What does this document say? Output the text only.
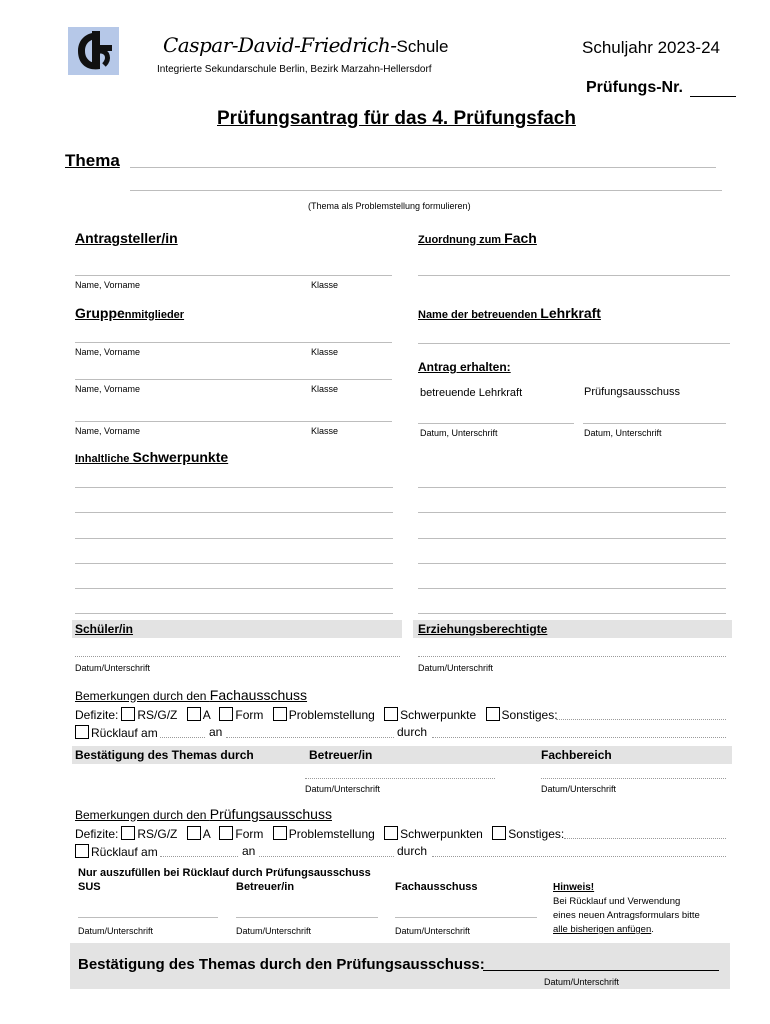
Caspar-David-Friedrich-Schule
Integrierte Sekundarschule Berlin, Bezirk Marzahn-Hellersdorf
Schuljahr 2023-24
Prüfungs-Nr.
Prüfungsantrag für das 4. Prüfungsfach
Thema
(Thema als Problemstellung formulieren)
Antragsteller/in
Name, Vorname	Klasse
Zuordnung zum Fach
Gruppenmitglieder
Name, Vorname	Klasse
Name, Vorname	Klasse
Name, Vorname	Klasse
Name der betreuenden Lehrkraft
Antrag erhalten:
betreuende Lehrkraft	Prüfungsausschuss
Datum, Unterschrift	Datum, Unterschrift
Inhaltliche Schwerpunkte
Schüler/in	Erziehungsberechtigte
Datum/Unterschrift	Datum/Unterschrift
Bemerkungen durch den Fachausschuss
Defizite: RS/G/Z A Form Problemstellung Schwerpunkte Sonstiges:
Rücklauf am	an	durch
Bestätigung des Themas durch	Betreuer/in	Fachbereich
Datum/Unterschrift	Datum/Unterschrift
Bemerkungen durch den Prüfungsausschuss
Defizite: RS/G/Z A Form Problemstellung Schwerpunkten Sonstiges:
Rücklauf am	an	durch
Nur auszufüllen bei Rücklauf durch Prüfungsausschuss
SUS	Betreuer/in	Fachausschuss
Datum/Unterschrift	Datum/Unterschrift	Datum/Unterschrift
Hinweis!
Bei Rücklauf und Verwendung
eines neuen Antragsformulars bitte
alle bisherigen anfügen.
Bestätigung des Themas durch den Prüfungsausschuss:
Datum/Unterschrift
